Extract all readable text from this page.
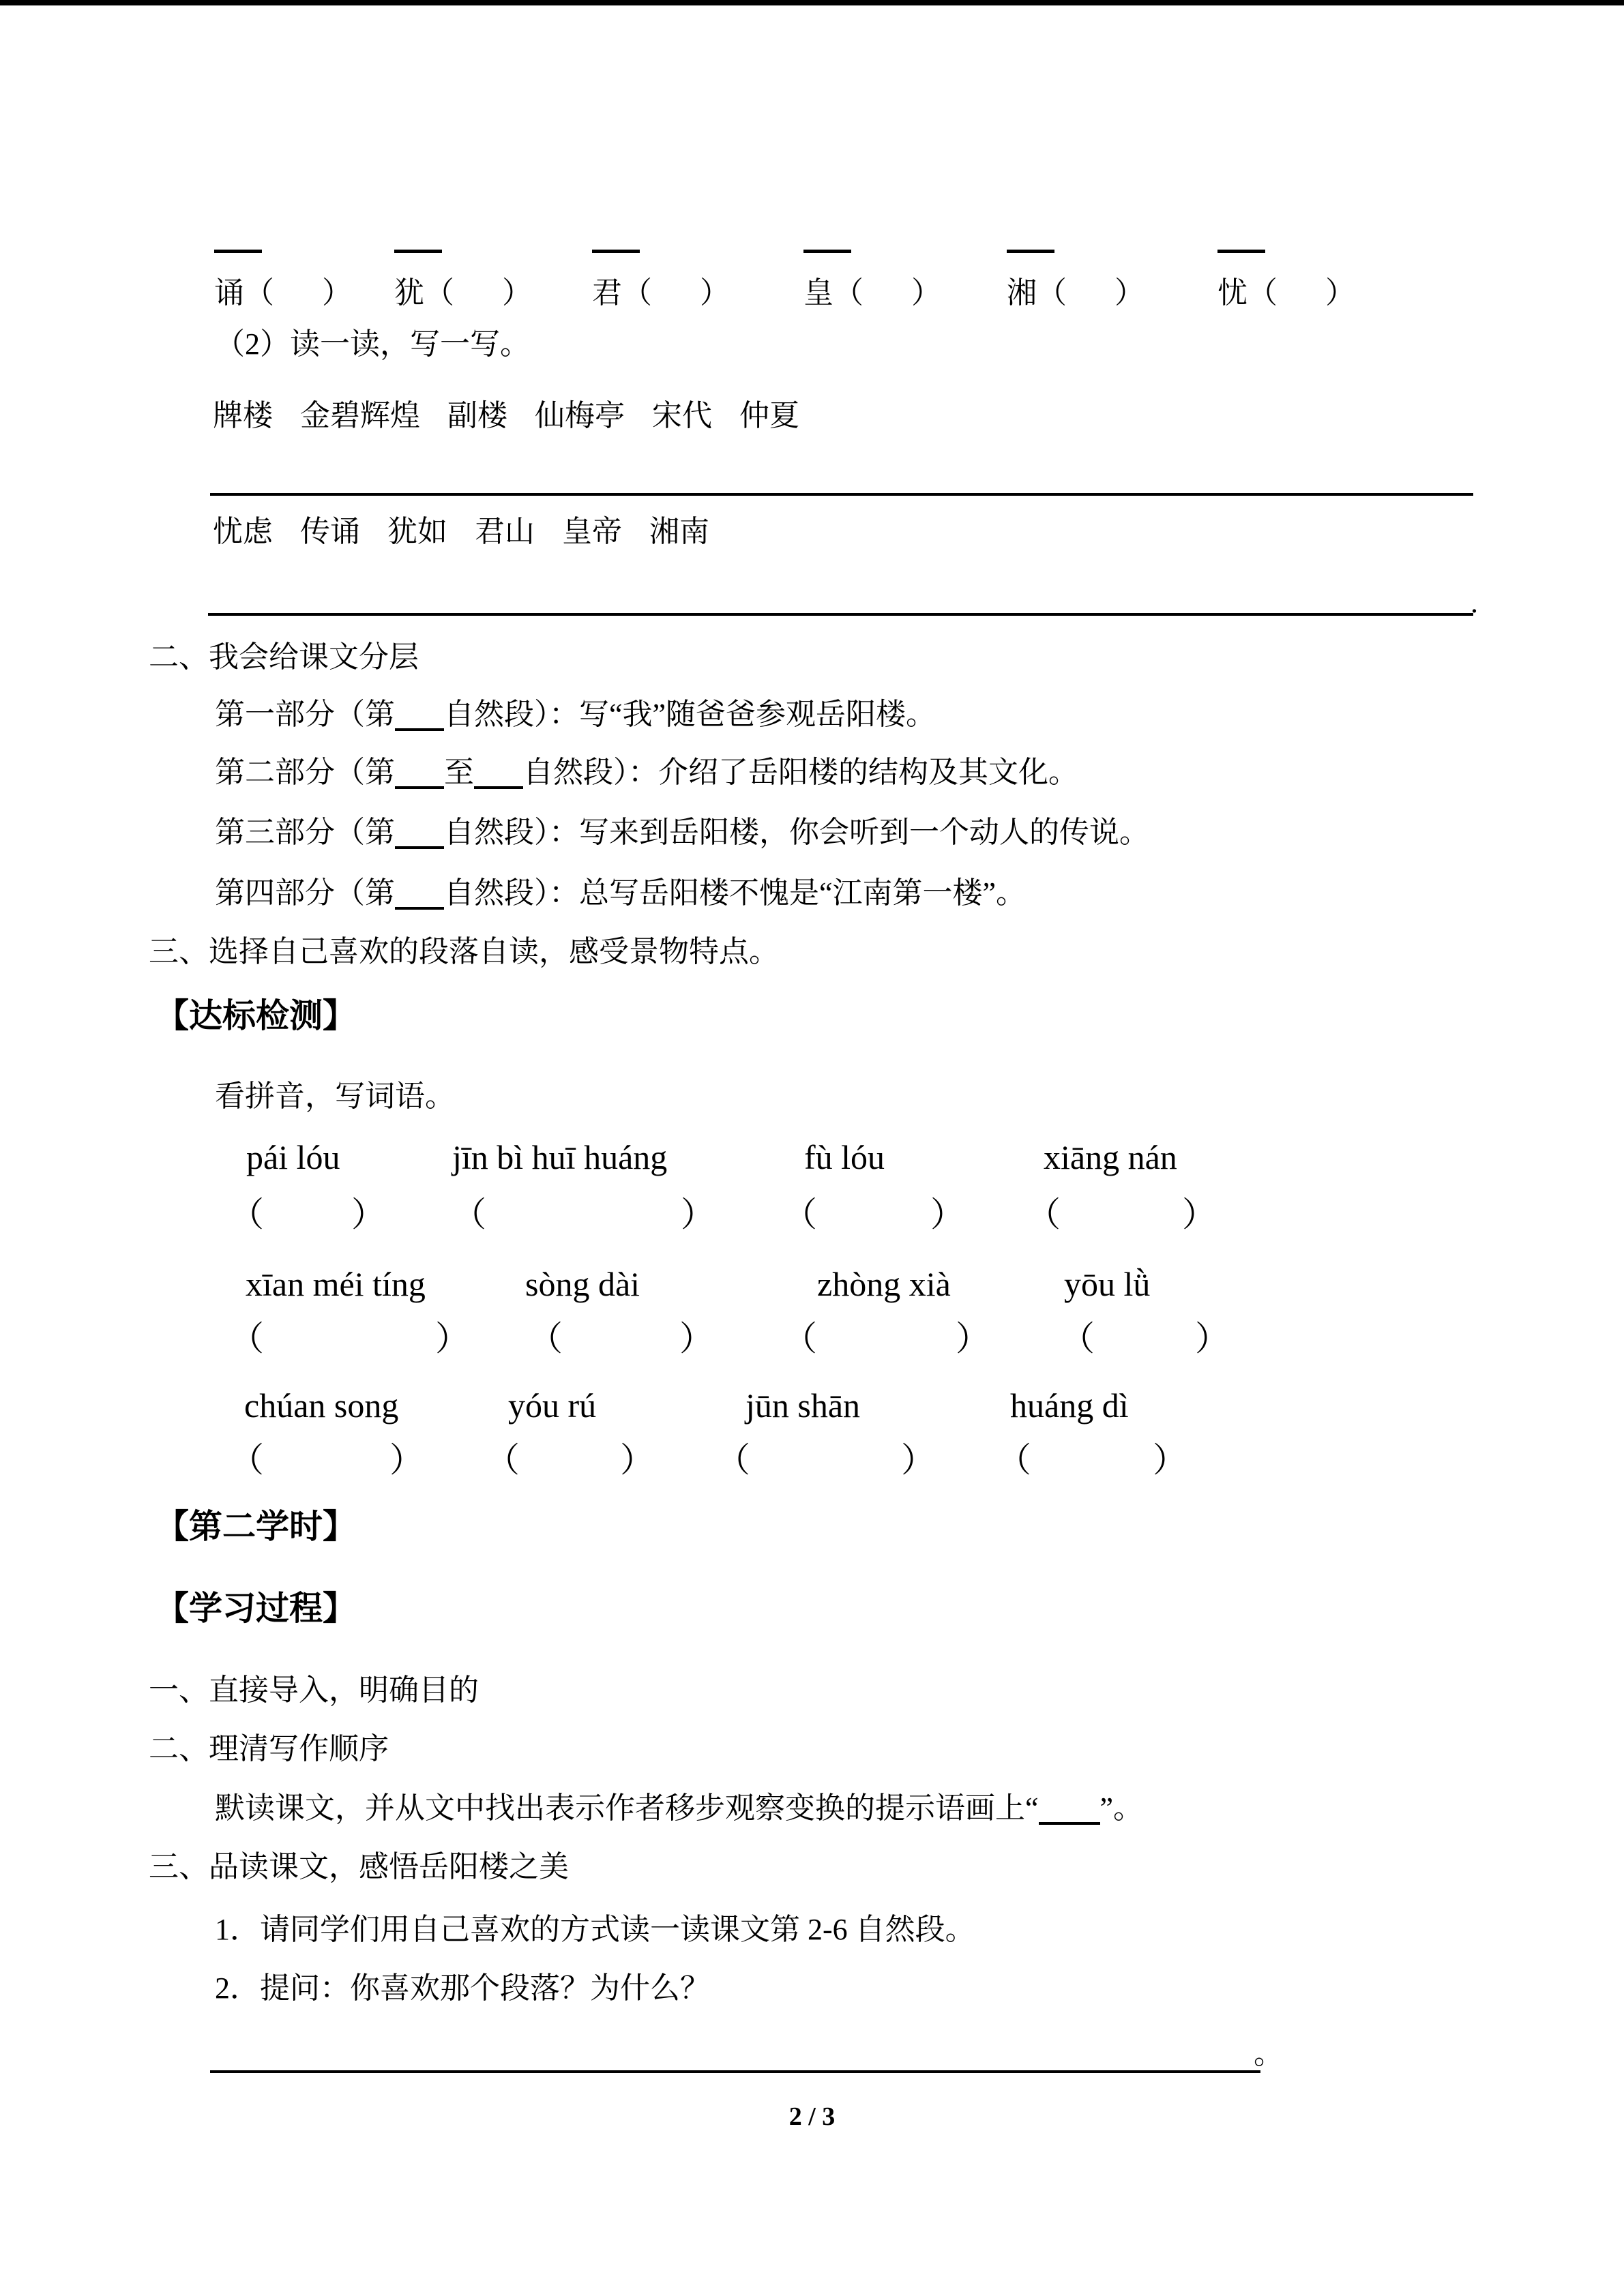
诵（ ） 犹（ ） 君（ ） 皇（ ） 湘（ ） 忧（ ）
（2）读一读，写一写。
牌楼 金碧辉煌 副楼 仙梅亭 宋代 仲夏
忧虑 传诵 犹如 君山 皇帝 湘南
.
二、我会给课文分层
第一部分（第 自然段）：写“我”随爸爸参观岳阳楼。
第二部分（第 至 自然段）：介绍了岳阳楼的结构及其文化。
第三部分（第 自然段）：写来到岳阳楼，你会听到一个动人的传说。
第四部分（第 自然段）：总写岳阳楼不愧是“江南第一楼”。
三、选择自己喜欢的段落自读，感受景物特点。
【达标检测】
看拼音，写词语。
pái lóu	jīn bì huī huáng	fù lóu	xiāng nán
（	） （	） （	） （	）
xīan méi tíng	sòng dài	zhòng xià	yōu lǜ
（	） （	） （	） （	）
chúan song	yóu rú	jūn shān	huáng dì
（	） （	） （	） （	）
【第二学时】
【学习过程】
一、直接导入，明确目的
二、理清写作顺序
默读课文，并从文中找出表示作者移步观察变换的提示语画上“ ”。
三、品读课文，感悟岳阳楼之美
1．请同学们用自己喜欢的方式读一读课文第 2-6 自然段。
2．提问：你喜欢那个段落？为什么？
。
2 / 3
